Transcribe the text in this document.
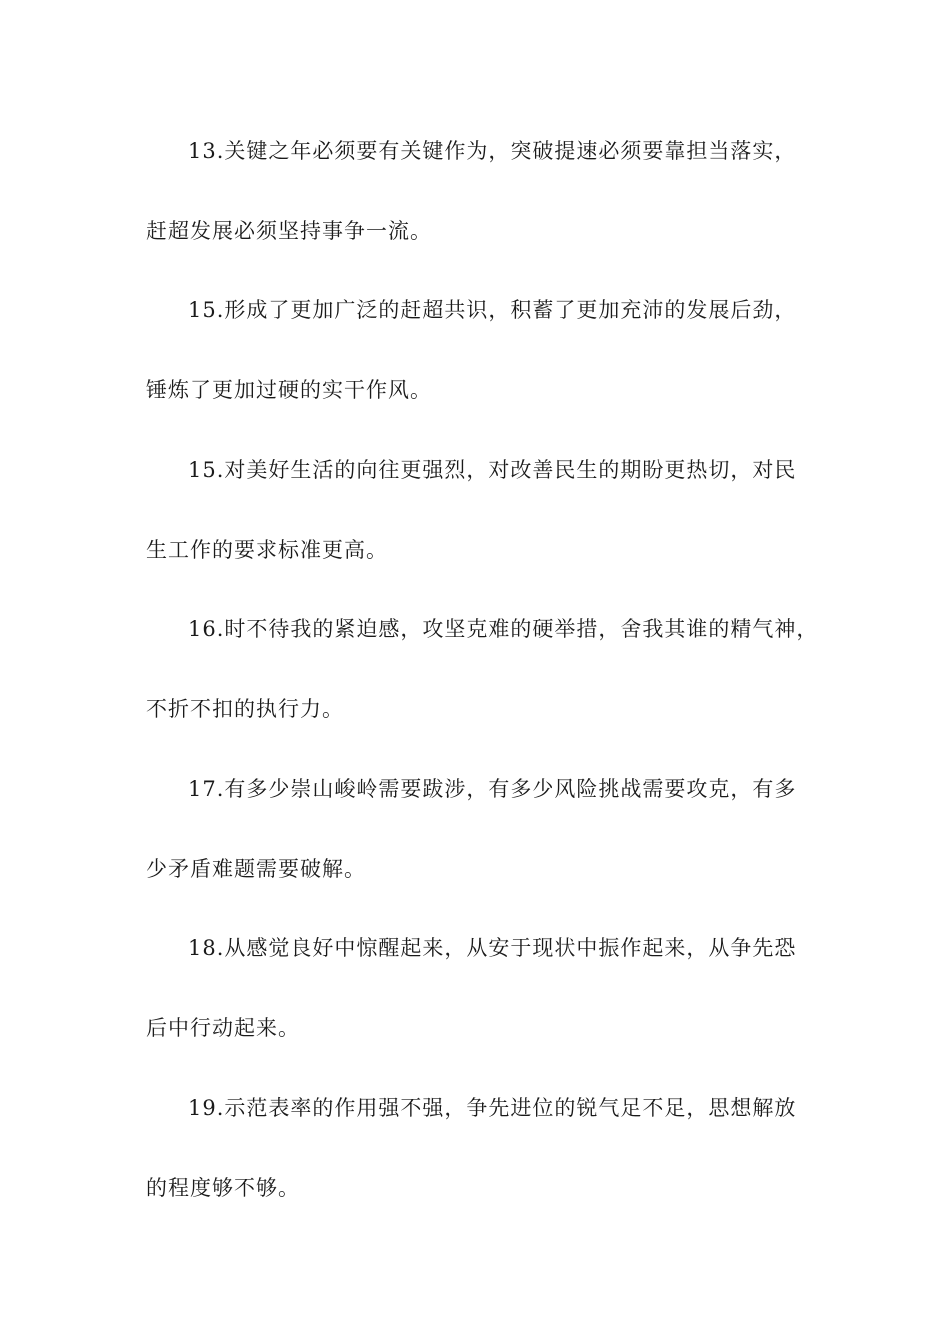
13.关键之年必须要有关键作为，突破提速必须要靠担当落实，
赶超发展必须坚持事争一流。
15.形成了更加广泛的赶超共识，积蓄了更加充沛的发展后劲，
锤炼了更加过硬的实干作风。
15.对美好生活的向往更强烈，对改善民生的期盼更热切，对民
生工作的要求标准更高。
16.时不待我的紧迫感，攻坚克难的硬举措，舍我其谁的精气神，
不折不扣的执行力。
17.有多少崇山峻岭需要跋涉，有多少风险挑战需要攻克，有多
少矛盾难题需要破解。
18.从感觉良好中惊醒起来，从安于现状中振作起来，从争先恐
后中行动起来。
19.示范表率的作用强不强，争先进位的锐气足不足，思想解放
的程度够不够。
